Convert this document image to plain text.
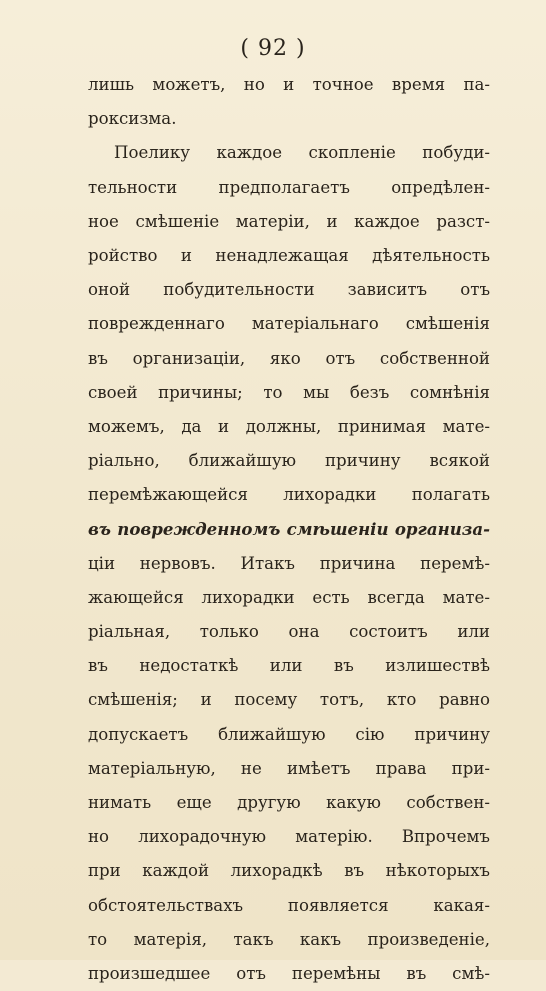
( 92 )
лишь можетъ, но и точное время па-
роксизма.
Поелику каждое скопленіе побуди-
тельности предполагаетъ опредѣлен-
ное смѣшеніе матеріи, и каждое разст-
ройство и ненадлежащая дѣятельность
оной побудительности зависитъ отъ
поврежденнаго матеріальнаго смѣшенія
въ организаціи, яко отъ собственной
своей причины; то мы безъ сомнѣнія
можемъ, да и должны, принимая мате-
ріально, ближайшую причину всякой
перемѣжающейся лихорадки полагать
въ поврежденномъ смѣшеніи организа-
ціи нервовъ. Итакъ причина перемѣ-
жающейся лихорадки есть всегда мате-
ріальная, только она состоитъ или
въ недостаткѣ или въ излишествѣ
смѣшенія; и посему тотъ, кто равно
допускаетъ ближайшую сію причину
матеріальную, не имѣетъ права при-
нимать еще другую какую собствен-
но лихорадочную матерію. Впрочемъ
при каждой лихорадкѣ въ нѣкоторыхъ
обстоятельствахъ появляется какая-
то матерія, такъ какъ произведеніе,
произшедшее отъ перемѣны въ смѣ-
